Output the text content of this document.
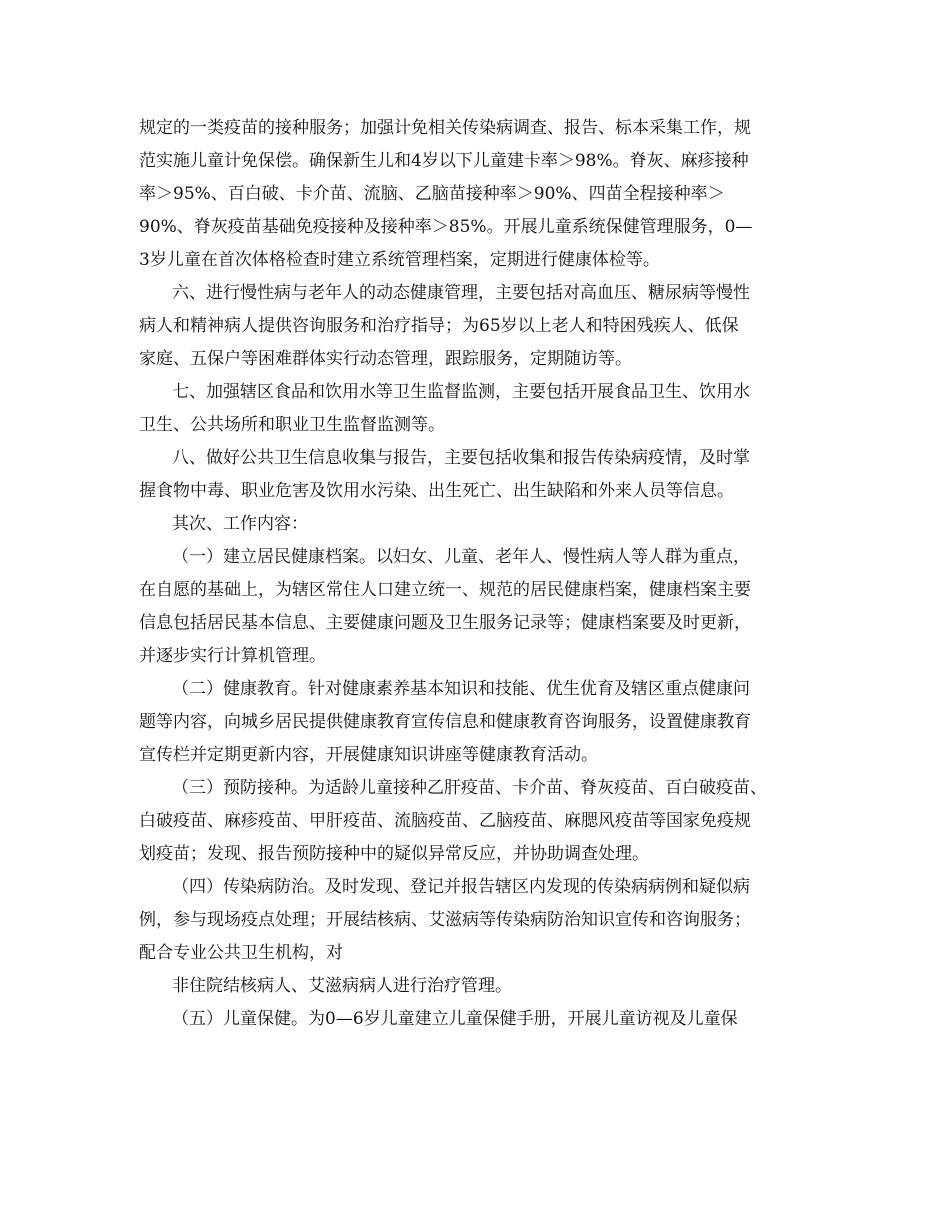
规定的一类疫苗的接种服务；加强计免相关传染病调查、报告、标本采集工作，规
范实施儿童计免保偿。确保新生儿和4岁以下儿童建卡率＞98%。脊灰、麻疹接种
率＞95%、百白破、卡介苗、流脑、乙脑苗接种率＞90%、四苗全程接种率＞
90%、脊灰疫苗基础免疫接种及接种率＞85%。开展儿童系统保健管理服务，0—
3岁儿童在首次体格检查时建立系统管理档案，定期进行健康体检等。
六、进行慢性病与老年人的动态健康管理，主要包括对高血压、糖尿病等慢性
病人和精神病人提供咨询服务和治疗指导；为65岁以上老人和特困残疾人、低保
家庭、五保户等困难群体实行动态管理，跟踪服务，定期随访等。
七、加强辖区食品和饮用水等卫生监督监测，主要包括开展食品卫生、饮用水
卫生、公共场所和职业卫生监督监测等。
八、做好公共卫生信息收集与报告，主要包括收集和报告传染病疫情，及时掌
握食物中毒、职业危害及饮用水污染、出生死亡、出生缺陷和外来人员等信息。
其次、工作内容：
（一）建立居民健康档案。以妇女、儿童、老年人、慢性病人等人群为重点，
在自愿的基础上，为辖区常住人口建立统一、规范的居民健康档案，健康档案主要
信息包括居民基本信息、主要健康问题及卫生服务记录等；健康档案要及时更新，
并逐步实行计算机管理。
（二）健康教育。针对健康素养基本知识和技能、优生优育及辖区重点健康问
题等内容，向城乡居民提供健康教育宣传信息和健康教育咨询服务，设置健康教育
宣传栏并定期更新内容，开展健康知识讲座等健康教育活动。
（三）预防接种。为适龄儿童接种乙肝疫苗、卡介苗、脊灰疫苗、百白破疫苗、
白破疫苗、麻疹疫苗、甲肝疫苗、流脑疫苗、乙脑疫苗、麻腮风疫苗等国家免疫规
划疫苗；发现、报告预防接种中的疑似异常反应，并协助调查处理。
（四）传染病防治。及时发现、登记并报告辖区内发现的传染病病例和疑似病
例，参与现场疫点处理；开展结核病、艾滋病等传染病防治知识宣传和咨询服务；
配合专业公共卫生机构，对
非住院结核病人、艾滋病病人进行治疗管理。
（五）儿童保健。为0—6岁儿童建立儿童保健手册，开展儿童访视及儿童保
